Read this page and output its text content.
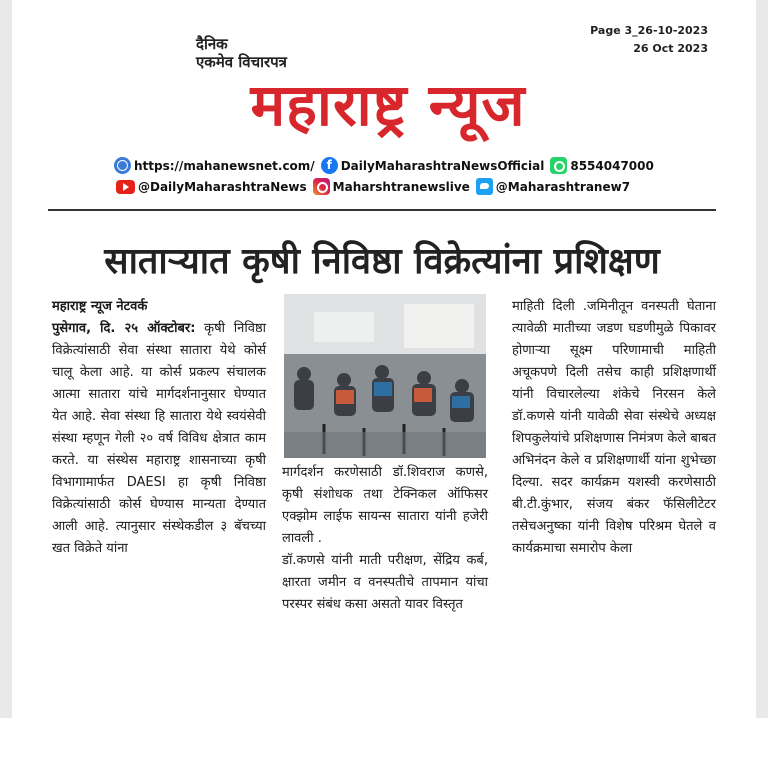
Page 3_26-10-2023
26 Oct 2023
दैनिक
एकमेव विचारपत्र
महाराष्ट्र न्यूज
https://mahanewsnet.com/ f DailyMaharashtraNewsOfficial 8554047000
@DailyMaharashtraNews Maharshtranewslive @Maharashtranew7
साताऱ्यात कृषी निविष्ठा विक्रेत्यांना प्रशिक्षण

महाराष्ट्र न्यूज नेटवर्क

पुसेगाव, दि. २५ ऑक्टोबर: कृषी निविष्ठा विक्रेत्यांसाठी सेवा संस्था सातारा येथे कोर्स चालू केला आहे. या कोर्स प्रकल्प संचालक आत्मा सातारा यांचे मार्गदर्शनानुसार घेण्यात येत आहे. सेवा संस्था हि सातारा येथे स्वयंसेवी संस्था म्हणून गेली २० वर्ष विविध क्षेत्रात काम करते. या संस्थेस महाराष्ट्र शासनाच्या कृषी विभागामार्फत DAESI हा कृषी निविष्ठा विक्रेत्यांसाठी कोर्स घेण्यास मान्यता देण्यात आली आहे. त्यानुसार संस्थेकडील ३ बॅचच्या खत विक्रेते यांना

मार्गदर्शन करणेसाठी डॉ.शिवराज कणसे, कृषी संशोधक तथा टेक्निकल ऑफिसर एक्झोम लाईफ सायन्स सातारा यांनी हजेरी लावली .

डॉ.कणसे यांनी माती परीक्षण, सेंद्रिय कर्ब, क्षारता जमीन व वनस्पतीचे तापमान यांचा परस्पर संबंध कसा असतो यावर विस्तृत

माहिती दिली .जमिनीतून वनस्पती घेताना त्यावेळी मातीच्या जडण घडणीमुळे पिकावर होणाऱ्या सूक्ष्म परिणामाची माहिती अचूकपणे दिली तसेच काही प्रशिक्षणार्थी यांनी विचारलेल्या शंकेचे निरसन केले डॉ.कणसे यांनी यावेळी सेवा संस्थेचे अध्यक्ष शिपकुलेयांचे प्रशिक्षणास निमंत्रण केले बाबत अभिनंदन केले व प्रशिक्षणार्थी यांना शुभेच्छा दिल्या. सदर कार्यक्रम यशस्वी करणेसाठी बी.टी.कुंभार, संजय बंकर फॅसिलीटेटर तसेचअनुष्का यांनी विशेष परिश्रम घेतले व कार्यक्रमाचा समारोप केला
